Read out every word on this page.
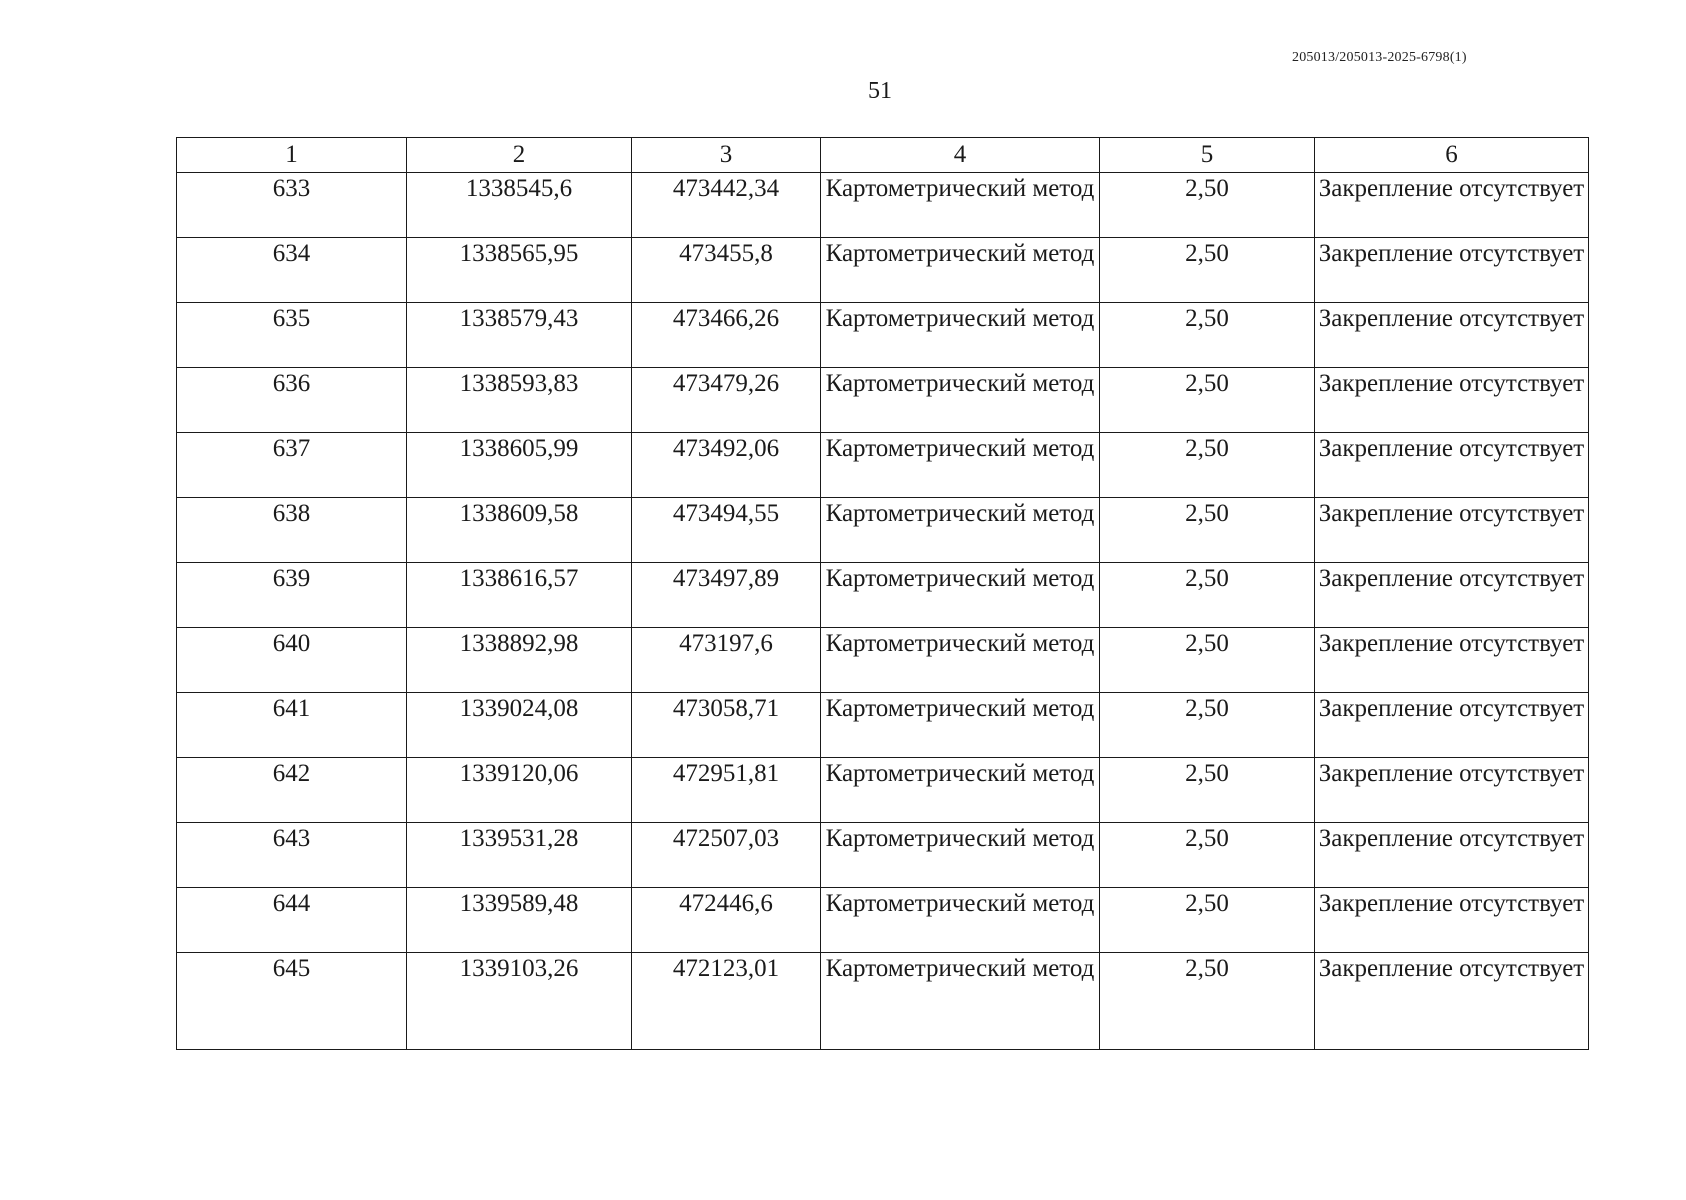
205013/205013-2025-6798(1)
51
1	2	3	4	5	6
633	1338545,6	473442,34	Картометрический метод	2,50	Закрепление отсутствует
634	1338565,95	473455,8	Картометрический метод	2,50	Закрепление отсутствует
635	1338579,43	473466,26	Картометрический метод	2,50	Закрепление отсутствует
636	1338593,83	473479,26	Картометрический метод	2,50	Закрепление отсутствует
637	1338605,99	473492,06	Картометрический метод	2,50	Закрепление отсутствует
638	1338609,58	473494,55	Картометрический метод	2,50	Закрепление отсутствует
639	1338616,57	473497,89	Картометрический метод	2,50	Закрепление отсутствует
640	1338892,98	473197,6	Картометрический метод	2,50	Закрепление отсутствует
641	1339024,08	473058,71	Картометрический метод	2,50	Закрепление отсутствует
642	1339120,06	472951,81	Картометрический метод	2,50	Закрепление отсутствует
643	1339531,28	472507,03	Картометрический метод	2,50	Закрепление отсутствует
644	1339589,48	472446,6	Картометрический метод	2,50	Закрепление отсутствует
645	1339103,26	472123,01	Картометрический метод	2,50	Закрепление отсутствует
